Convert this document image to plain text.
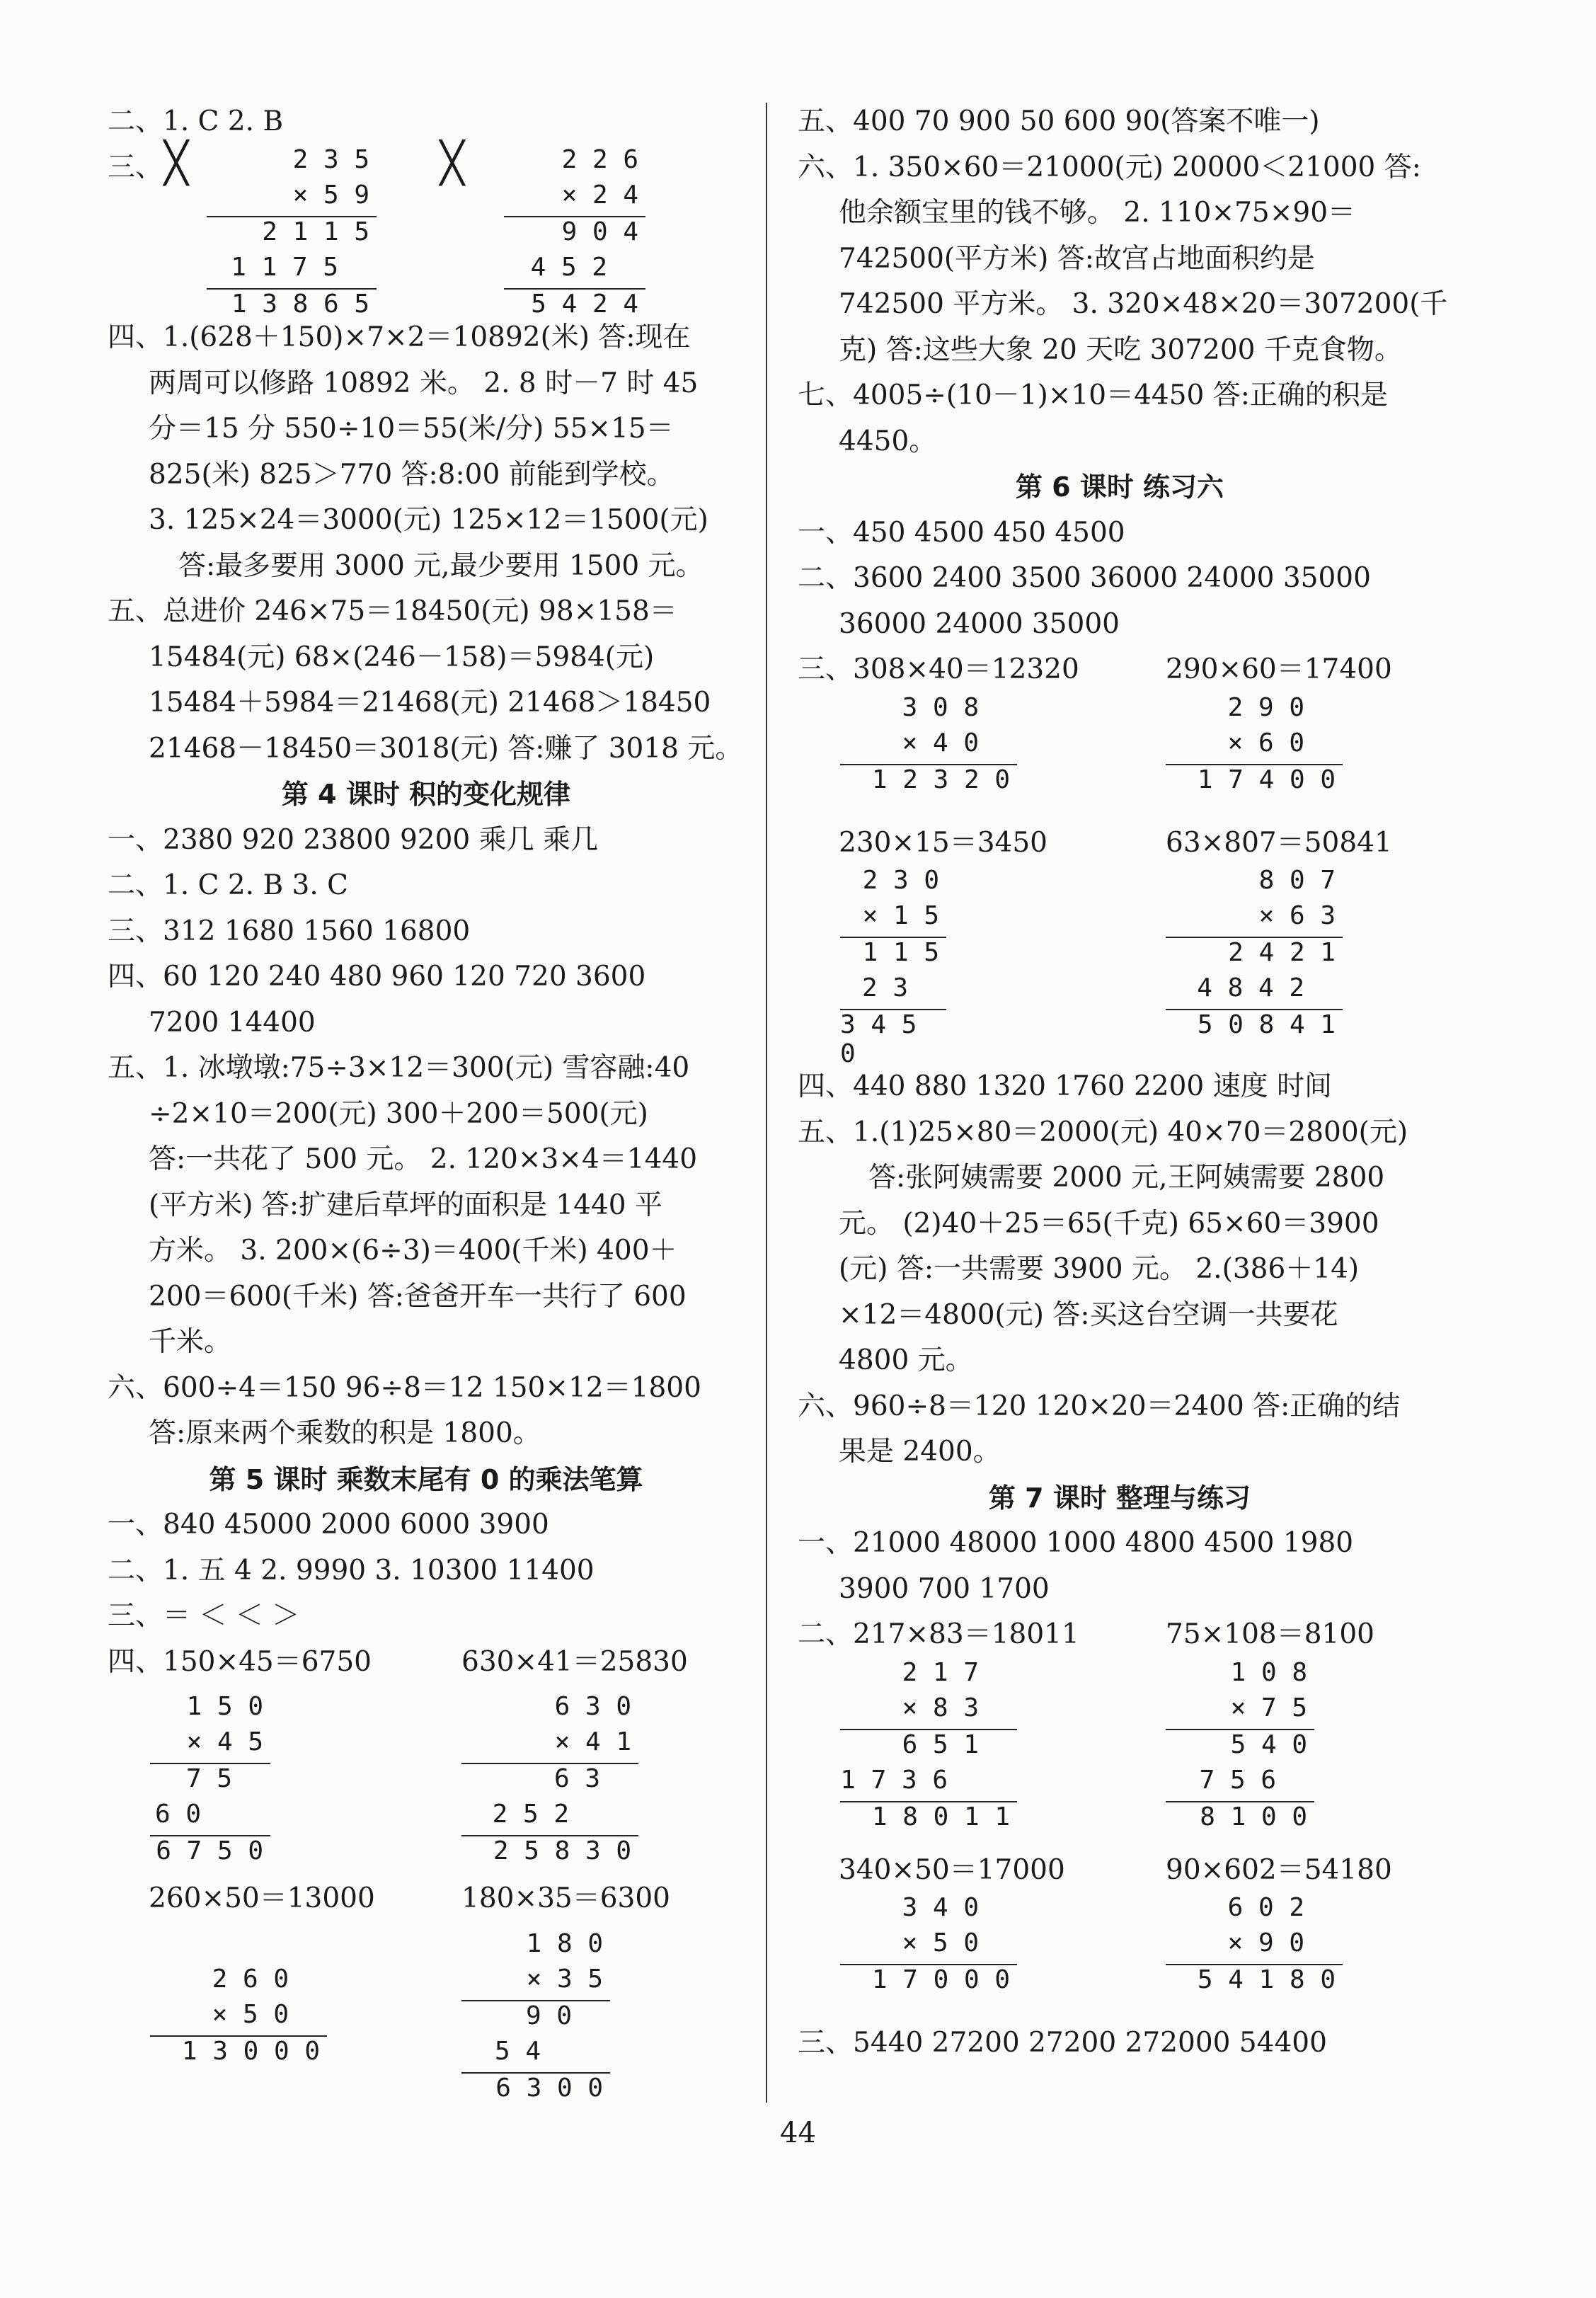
二、1. C 2. B
三、 ╳	╳
2 3 5
× 5 9
2 1 1 5
1 1 7 5
1 3 8 6 5
2 2 6
× 2 4
9 0 4
4 5 2
5 4 2 4
四、1.(628＋150)×7×2＝10892(米) 答:现在
两周可以修路 10892 米。 2. 8 时－7 时 45
分＝15 分 550÷10＝55(米/分) 55×15＝
825(米) 825＞770 答:8:00 前能到学校。
3. 125×24＝3000(元) 125×12＝1500(元)
答:最多要用 3000 元,最少要用 1500 元。
五、总进价 246×75＝18450(元) 98×158＝
15484(元) 68×(246－158)＝5984(元)
15484＋5984＝21468(元) 21468＞18450
21468－18450＝3018(元) 答:赚了 3018 元。
第 4 课时 积的变化规律
一、2380 920 23800 9200 乘几 乘几
二、1. C 2. B 3. C
三、312 1680 1560 16800
四、60 120 240 480 960 120 720 3600
7200 14400
五、1. 冰墩墩:75÷3×12＝300(元) 雪容融:40
÷2×10＝200(元) 300＋200＝500(元)
答:一共花了 500 元。 2. 120×3×4＝1440
(平方米) 答:扩建后草坪的面积是 1440 平
方米。 3. 200×(6÷3)＝400(千米) 400＋
200＝600(千米) 答:爸爸开车一共行了 600
千米。
六、600÷4＝150 96÷8＝12 150×12＝1800
答:原来两个乘数的积是 1800。
第 5 课时 乘数末尾有 0 的乘法笔算
一、840 45000 2000 6000 3900
二、1. 五 4 2. 9990 3. 10300 11400
三、＝ ＜ ＜ ＞
四、150×45＝6750	630×41＝25830
1 5 0
× 4 5
7 5
6 0
6 7 5 0
6 3 0
× 4 1
6 3
2 5 2
2 5 8 3 0
260×50＝13000	180×35＝6300
2 6 0
× 5 0
1 3 0 0 0
1 8 0
× 3 5
9 0
5 4
6 3 0 0
五、400 70 900 50 600 90(答案不唯一)
六、1. 350×60＝21000(元) 20000＜21000 答:
他余额宝里的钱不够。 2. 110×75×90＝
742500(平方米) 答:故宫占地面积约是
742500 平方米。 3. 320×48×20＝307200(千
克) 答:这些大象 20 天吃 307200 千克食物。
七、4005÷(10－1)×10＝4450 答:正确的积是
4450。
第 6 课时 练习六
一、450 4500 450 4500
二、3600 2400 3500 36000 24000 35000
36000 24000 35000
三、308×40＝12320	290×60＝17400
3 0 8
× 4 0
1 2 3 2 0
2 9 0
× 6 0
1 7 4 0 0
230×15＝3450	63×807＝50841
2 3 0
× 1 5
1 1 5
2 3
3 4 5 0
8 0 7
× 6 3
2 4 2 1
4 8 4 2
5 0 8 4 1
四、440 880 1320 1760 2200 速度 时间
五、1.(1)25×80＝2000(元) 40×70＝2800(元)
答:张阿姨需要 2000 元,王阿姨需要 2800
元。 (2)40＋25＝65(千克) 65×60＝3900
(元) 答:一共需要 3900 元。 2.(386＋14)
×12＝4800(元) 答:买这台空调一共要花
4800 元。
六、960÷8＝120 120×20＝2400 答:正确的结
果是 2400。
第 7 课时 整理与练习
一、21000 48000 1000 4800 4500 1980
3900 700 1700
二、217×83＝18011	75×108＝8100
2 1 7
× 8 3
6 5 1
1 7 3 6
1 8 0 1 1
1 0 8
× 7 5
5 4 0
7 5 6
8 1 0 0
340×50＝17000	90×602＝54180
3 4 0
× 5 0
1 7 0 0 0
6 0 2
× 9 0
5 4 1 8 0
三、5440 27200 27200 272000 54400
44
